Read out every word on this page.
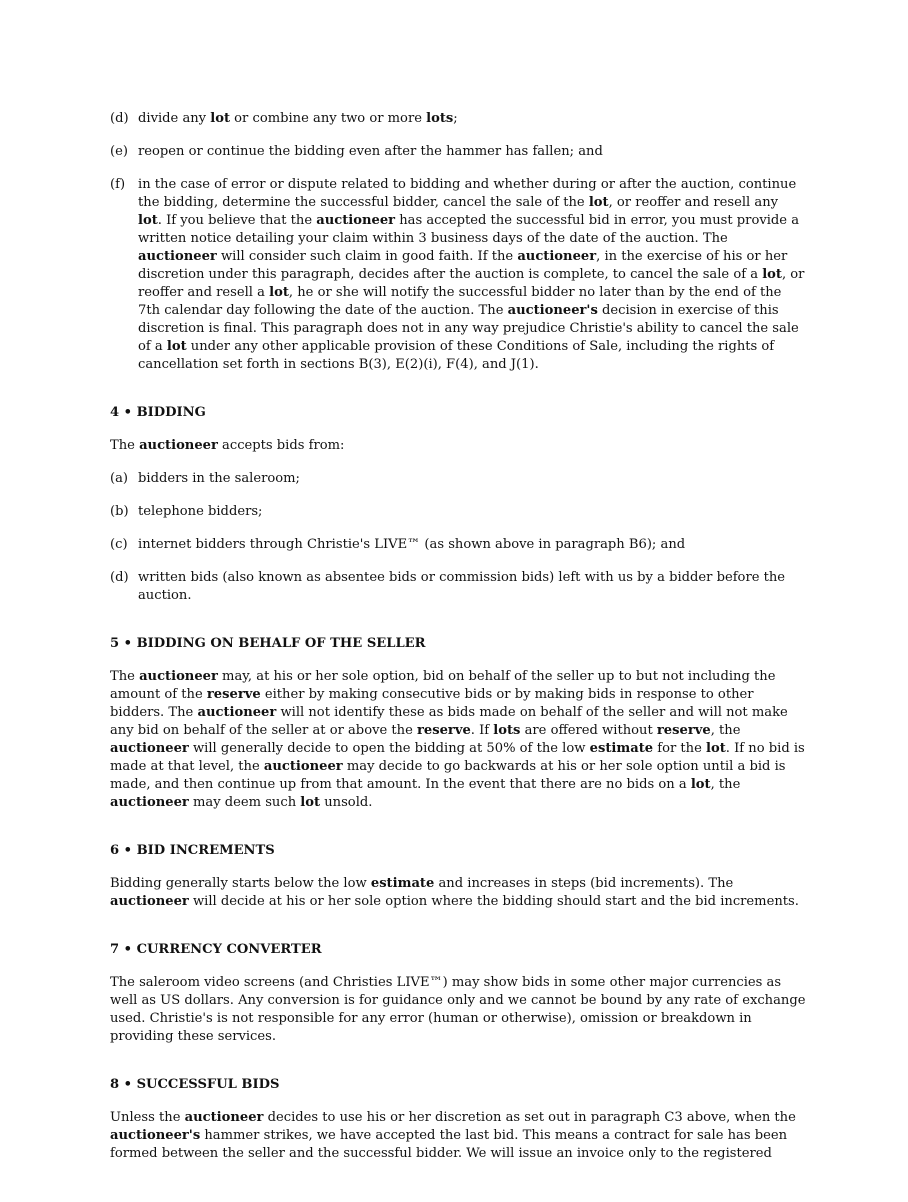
(d) divide any lot or combine any two or more lots;
(e) reopen or continue the bidding even after the hammer has fallen; and
(f) in the case of error or dispute related to bidding and whether during or after the auction, continue the bidding, determine the successful bidder, cancel the sale of the lot, or reoffer and resell any lot. If you believe that the auctioneer has accepted the successful bid in error, you must provide a written notice detailing your claim within 3 business days of the date of the auction. The auctioneer will consider such claim in good faith. If the auctioneer, in the exercise of his or her discretion under this paragraph, decides after the auction is complete, to cancel the sale of a lot, or reoffer and resell a lot, he or she will notify the successful bidder no later than by the end of the 7th calendar day following the date of the auction. The auctioneer's decision in exercise of this discretion is final. This paragraph does not in any way prejudice Christie's ability to cancel the sale of a lot under any other applicable provision of these Conditions of Sale, including the rights of cancellation set forth in sections B(3), E(2)(i), F(4), and J(1).
4 • BIDDING
The auctioneer accepts bids from:
(a) bidders in the saleroom;
(b) telephone bidders;
(c) internet bidders through Christie's LIVE™ (as shown above in paragraph B6); and
(d) written bids (also known as absentee bids or commission bids) left with us by a bidder before the auction.
5 • BIDDING ON BEHALF OF THE SELLER
The auctioneer may, at his or her sole option, bid on behalf of the seller up to but not including the amount of the reserve either by making consecutive bids or by making bids in response to other bidders. The auctioneer will not identify these as bids made on behalf of the seller and will not make any bid on behalf of the seller at or above the reserve. If lots are offered without reserve, the auctioneer will generally decide to open the bidding at 50% of the low estimate for the lot. If no bid is made at that level, the auctioneer may decide to go backwards at his or her sole option until a bid is made, and then continue up from that amount. In the event that there are no bids on a lot, the auctioneer may deem such lot unsold.
6 • BID INCREMENTS
Bidding generally starts below the low estimate and increases in steps (bid increments). The auctioneer will decide at his or her sole option where the bidding should start and the bid increments.
7 • CURRENCY CONVERTER
The saleroom video screens (and Christies LIVE™) may show bids in some other major currencies as well as US dollars. Any conversion is for guidance only and we cannot be bound by any rate of exchange used. Christie's is not responsible for any error (human or otherwise), omission or breakdown in providing these services.
8 • SUCCESSFUL BIDS
Unless the auctioneer decides to use his or her discretion as set out in paragraph C3 above, when the auctioneer's hammer strikes, we have accepted the last bid. This means a contract for sale has been formed between the seller and the successful bidder. We will issue an invoice only to the registered
